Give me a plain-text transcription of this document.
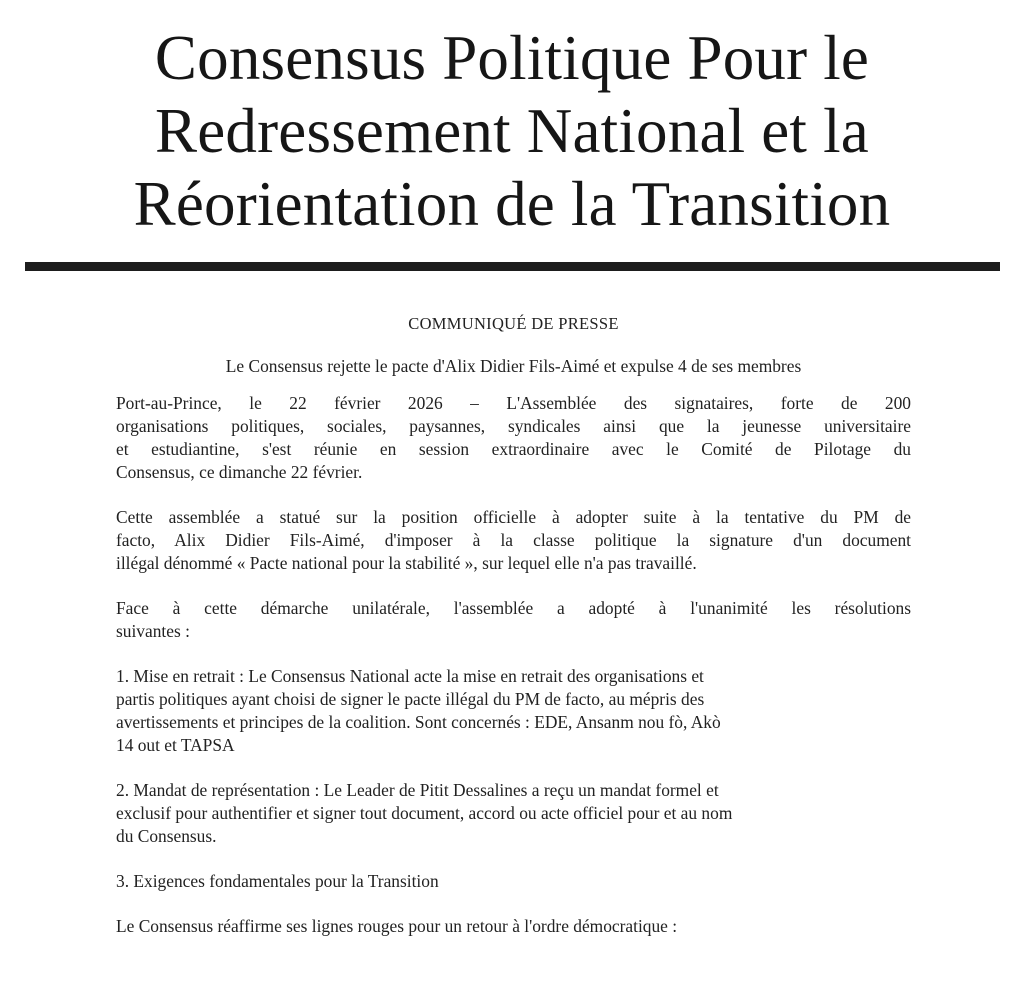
Consensus Politique Pour le
Redressement National et la
Réorientation de la Transition

COMMUNIQUÉ DE PRESSE

Le Consensus rejette le pacte d'Alix Didier Fils-Aimé et expulse 4 de ses membres

Port-au-Prince, le 22 février 2026 – L'Assemblée des signataires, forte de 200
organisations politiques, sociales, paysannes, syndicales ainsi que la jeunesse universitaire
et estudiantine, s'est réunie en session extraordinaire avec le Comité de Pilotage du
Consensus, ce dimanche 22 février.

Cette assemblée a statué sur la position officielle à adopter suite à la tentative du PM de
facto, Alix Didier Fils-Aimé, d'imposer à la classe politique la signature d'un document
illégal dénommé « Pacte national pour la stabilité », sur lequel elle n'a pas travaillé.

Face à cette démarche unilatérale, l'assemblée a adopté à l'unanimité les résolutions
suivantes :

1. Mise en retrait : Le Consensus National acte la mise en retrait des organisations et
partis politiques ayant choisi de signer le pacte illégal du PM de facto, au mépris des
avertissements et principes de la coalition. Sont concernés : EDE, Ansanm nou fò, Akò
14 out et TAPSA

2. Mandat de représentation : Le Leader de Pitit Dessalines a reçu un mandat formel et
exclusif pour authentifier et signer tout document, accord ou acte officiel pour et au nom
du Consensus.

3. Exigences fondamentales pour la Transition

Le Consensus réaffirme ses lignes rouges pour un retour à l'ordre démocratique :
